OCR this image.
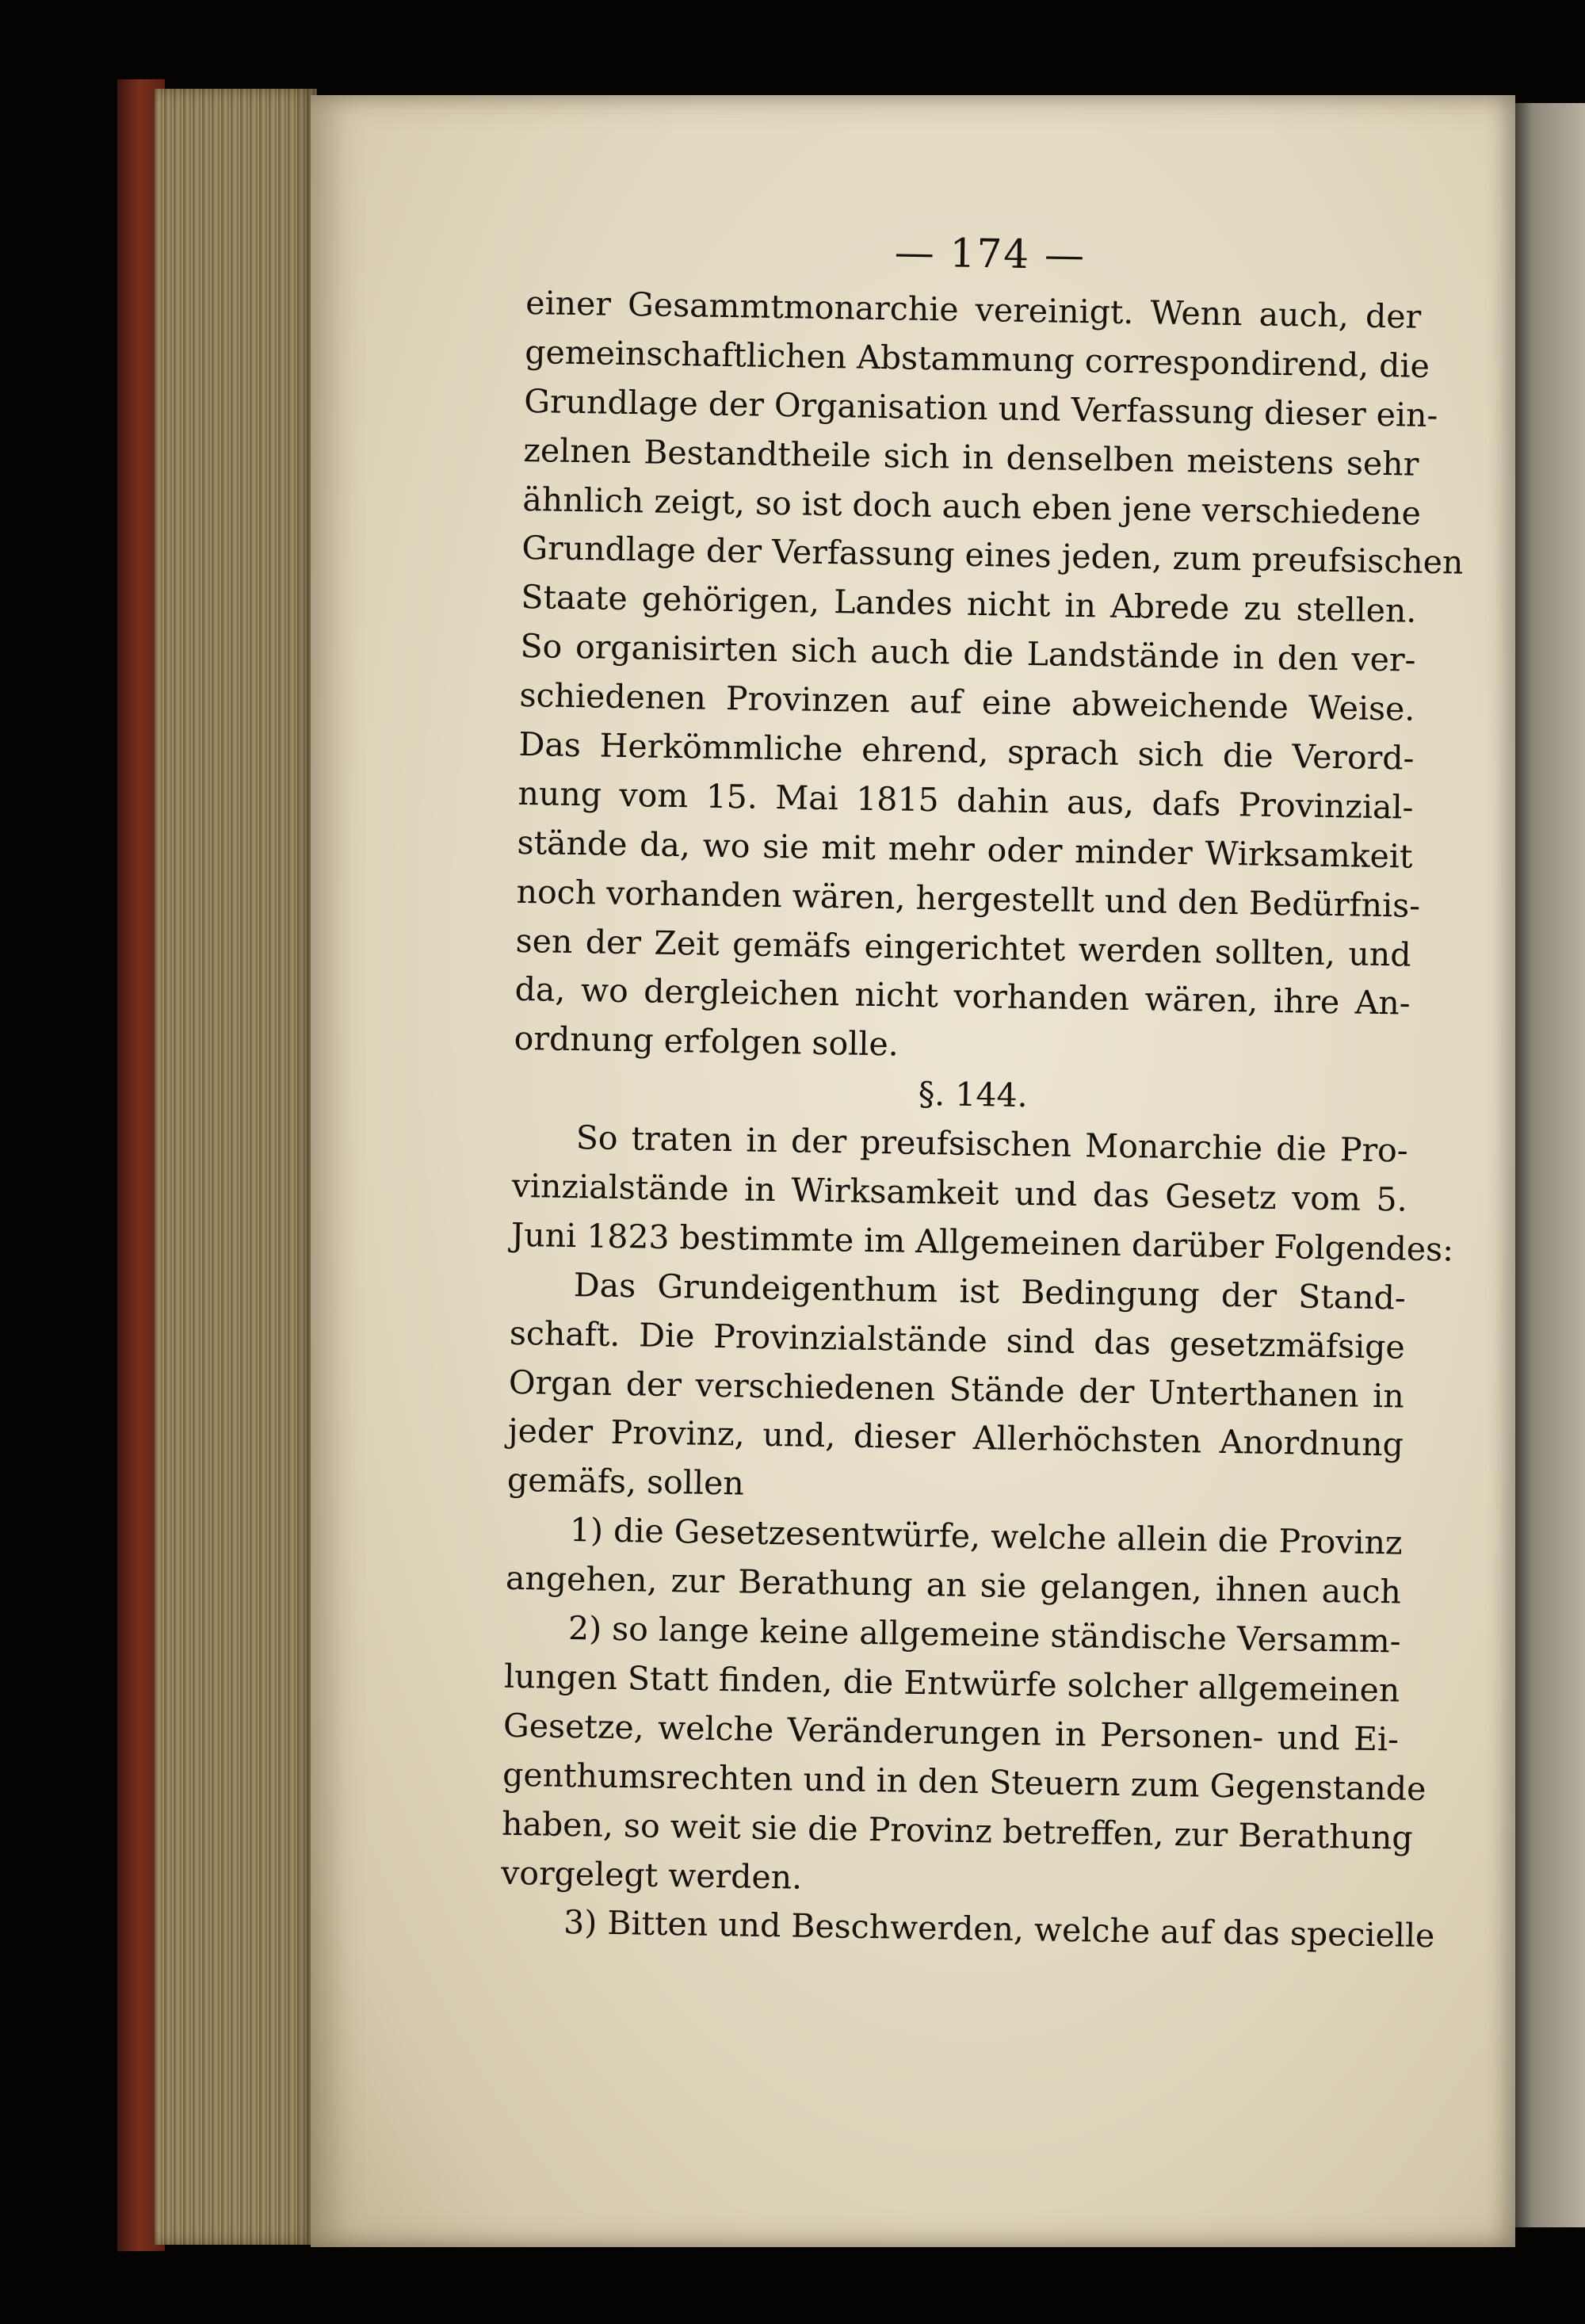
— 174 —
einer Gesammtmonarchie vereinigt. Wenn auch, der
gemeinschaftlichen Abstammung correspondirend, die
Grundlage der Organisation und Verfassung dieser ein-
zelnen Bestandtheile sich in denselben meistens sehr
ähnlich zeigt, so ist doch auch eben jene verschiedene
Grundlage der Verfassung eines jeden, zum preufsischen
Staate gehörigen, Landes nicht in Abrede zu stellen.
So organisirten sich auch die Landstände in den ver-
schiedenen Provinzen auf eine abweichende Weise.
Das Herkömmliche ehrend, sprach sich die Verord-
nung vom 15. Mai 1815 dahin aus, dafs Provinzial-
stände da, wo sie mit mehr oder minder Wirksamkeit
noch vorhanden wären, hergestellt und den Bedürfnis-
sen der Zeit gemäfs eingerichtet werden sollten, und
da, wo dergleichen nicht vorhanden wären, ihre An-
ordnung erfolgen solle.
§. 144.
So traten in der preufsischen Monarchie die Pro-
vinzialstände in Wirksamkeit und das Gesetz vom 5.
Juni 1823 bestimmte im Allgemeinen darüber Folgendes:
Das Grundeigenthum ist Bedingung der Stand-
schaft. Die Provinzialstände sind das gesetzmäfsige
Organ der verschiedenen Stände der Unterthanen in
jeder Provinz, und, dieser Allerhöchsten Anordnung
gemäfs, sollen
1) die Gesetzesentwürfe, welche allein die Provinz
angehen, zur Berathung an sie gelangen, ihnen auch
2) so lange keine allgemeine ständische Versamm-
lungen Statt finden, die Entwürfe solcher allgemeinen
Gesetze, welche Veränderungen in Personen- und Ei-
genthumsrechten und in den Steuern zum Gegenstande
haben, so weit sie die Provinz betreffen, zur Berathung
vorgelegt werden.
3) Bitten und Beschwerden, welche auf das specielle
